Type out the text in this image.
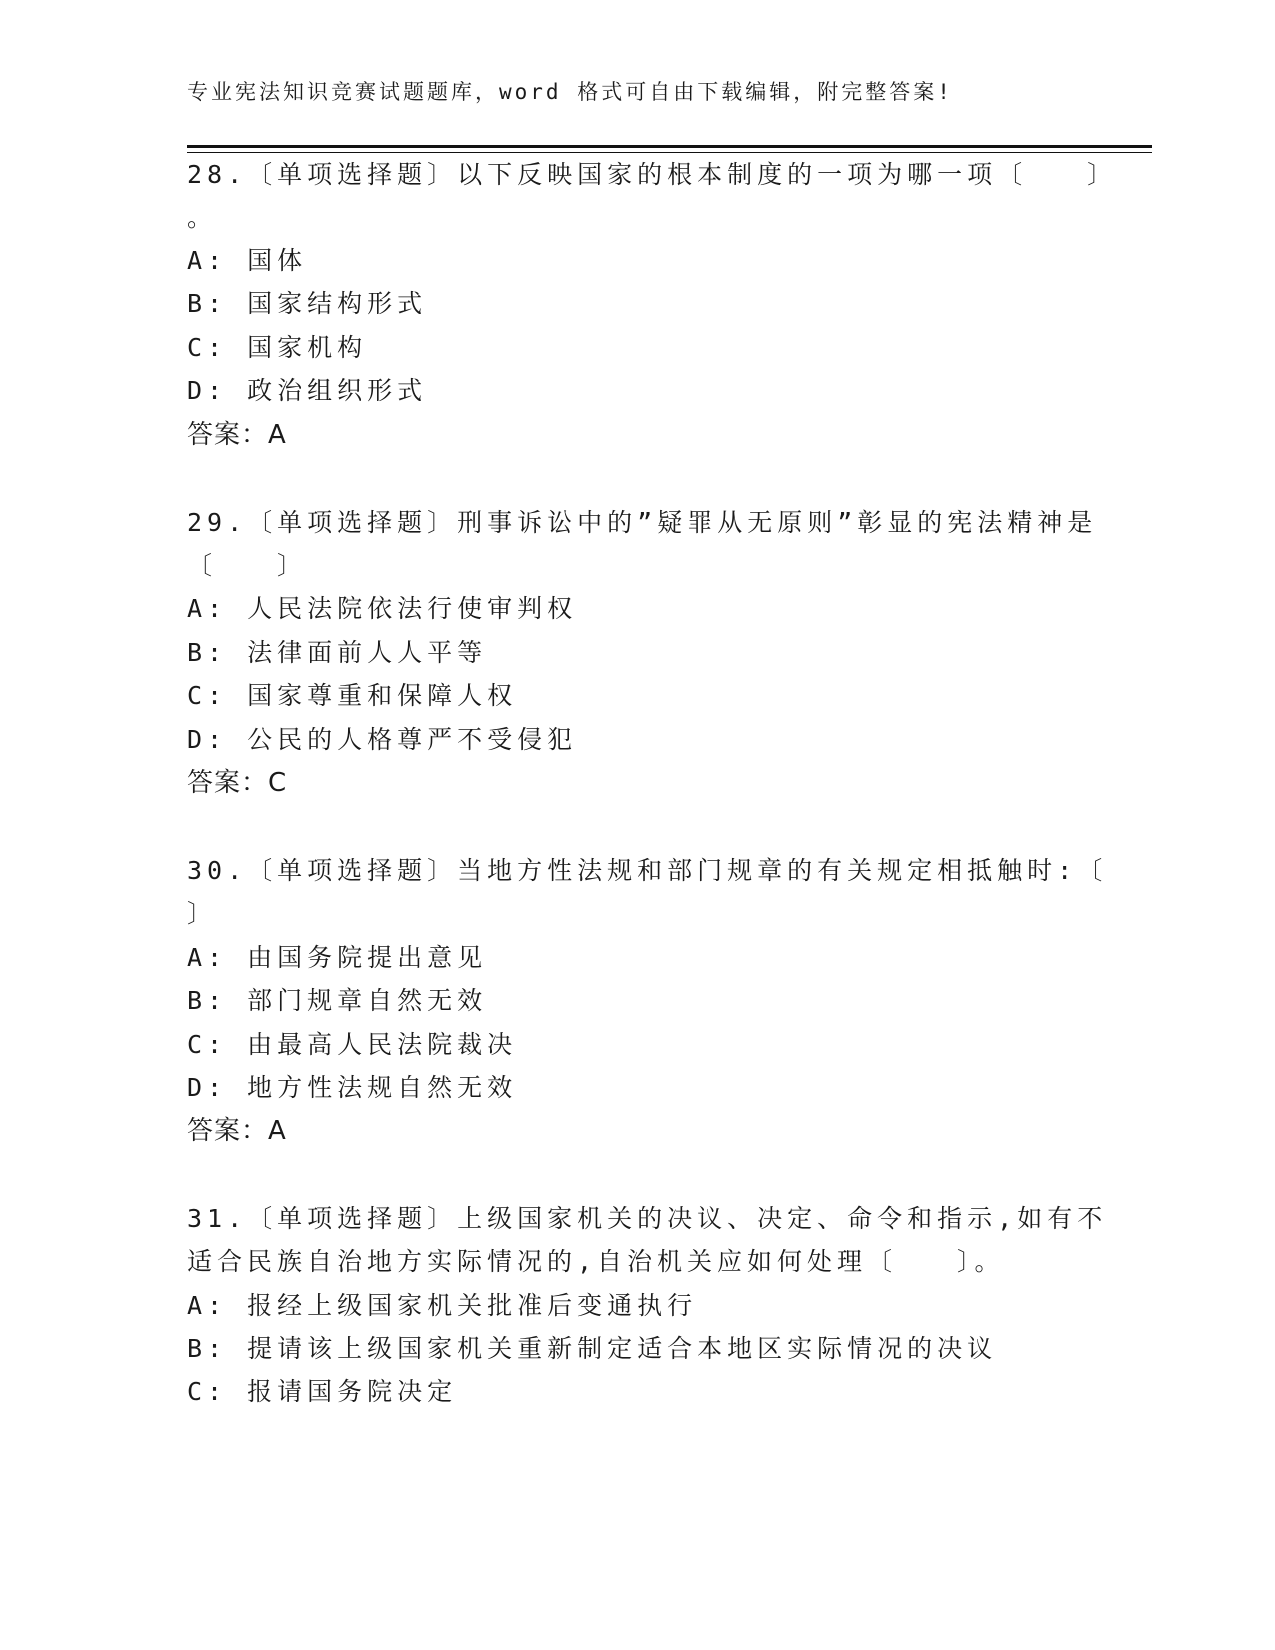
专业宪法知识竞赛试题题库，word 格式可自由下载编辑，附完整答案!
28.〔单项选择题〕以下反映国家的根本制度的一项为哪一项〔　　〕
。
A: 国体
B: 国家结构形式
C: 国家机构
D: 政治组织形式
答案：A
29.〔单项选择题〕刑事诉讼中的”疑罪从无原则”彰显的宪法精神是
〔　　〕
A: 人民法院依法行使审判权
B: 法律面前人人平等
C: 国家尊重和保障人权
D: 公民的人格尊严不受侵犯
答案：C
30.〔单项选择题〕当地方性法规和部门规章的有关规定相抵触时:〔
〕
A: 由国务院提出意见
B: 部门规章自然无效
C: 由最高人民法院裁决
D: 地方性法规自然无效
答案：A
31.〔单项选择题〕上级国家机关的决议、决定、命令和指示,如有不
适合民族自治地方实际情况的,自治机关应如何处理〔　　〕。
A: 报经上级国家机关批准后变通执行
B: 提请该上级国家机关重新制定适合本地区实际情况的决议
C: 报请国务院决定
